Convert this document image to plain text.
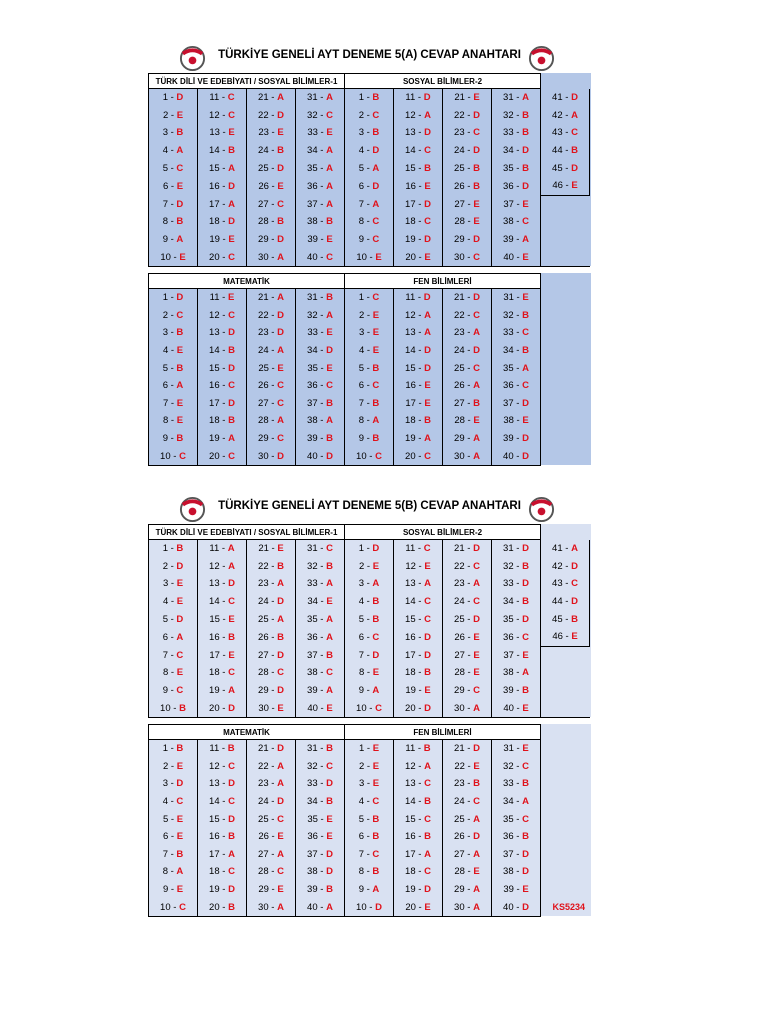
TÜRKİYE GENELİ AYT DENEME 5(A) CEVAP ANAHTARI
TÜRK DİLİ VE EDEBİYATI / SOSYAL BİLİMLER-1				SOSYAL BİLİMLER-2				
1 - D	11 - C	21 - A	31 - A	1 - B	11 - D	21 - E	31 - A	41 - D
2 - E	12 - C	22 - D	32 - C	2 - C	12 - A	22 - D	32 - B	42 - A
3 - B	13 - E	23 - E	33 - E	3 - B	13 - D	23 - C	33 - B	43 - C
4 - A	14 - B	24 - B	34 - A	4 - D	14 - C	24 - D	34 - D	44 - B
5 - C	15 - A	25 - D	35 - A	5 - A	15 - B	25 - B	35 - B	45 - D
6 - E	16 - D	26 - E	36 - A	6 - D	16 - E	26 - B	36 - D	46 - E
7 - D	17 - A	27 - C	37 - A	7 - A	17 - D	27 - E	37 - E	
8 - B	18 - D	28 - B	38 - B	8 - C	18 - C	28 - E	38 - C	
9 - A	19 - E	29 - D	39 - E	9 - C	19 - D	29 - D	39 - A	
10 - E	20 - C	30 - A	40 - C	10 - E	20 - E	30 - C	40 - E	
MATEMATİK				FEN BİLİMLERİ			
1 - D	11 - E	21 - A	31 - B	1 - C	11 - D	21 - D	31 - E
2 - C	12 - C	22 - D	32 - A	2 - E	12 - A	22 - C	32 - B
3 - B	13 - D	23 - D	33 - E	3 - E	13 - A	23 - A	33 - C
4 - E	14 - B	24 - A	34 - D	4 - E	14 - D	24 - D	34 - B
5 - B	15 - D	25 - E	35 - E	5 - B	15 - D	25 - C	35 - A
6 - A	16 - C	26 - C	36 - C	6 - C	16 - E	26 - A	36 - C
7 - E	17 - D	27 - C	37 - B	7 - B	17 - E	27 - B	37 - D
8 - E	18 - B	28 - A	38 - A	8 - A	18 - B	28 - E	38 - E
9 - B	19 - A	29 - C	39 - B	9 - B	19 - A	29 - A	39 - D
10 - C	20 - C	30 - D	40 - D	10 - C	20 - C	30 - A	40 - D
TÜRKİYE GENELİ AYT DENEME 5(B) CEVAP ANAHTARI
TÜRK DİLİ VE EDEBİYATI / SOSYAL BİLİMLER-1				SOSYAL BİLİMLER-2				
1 - B	11 - A	21 - E	31 - C	1 - D	11 - C	21 - D	31 - D	41 - A
2 - D	12 - A	22 - B	32 - B	2 - E	12 - E	22 - C	32 - B	42 - D
3 - E	13 - D	23 - A	33 - A	3 - A	13 - A	23 - A	33 - D	43 - C
4 - E	14 - C	24 - D	34 - E	4 - B	14 - C	24 - C	34 - B	44 - D
5 - D	15 - E	25 - A	35 - A	5 - B	15 - C	25 - D	35 - D	45 - B
6 - A	16 - B	26 - B	36 - A	6 - C	16 - D	26 - E	36 - C	46 - E
7 - C	17 - E	27 - D	37 - B	7 - D	17 - D	27 - E	37 - E	
8 - E	18 - C	28 - C	38 - C	8 - E	18 - B	28 - E	38 - A	
9 - C	19 - A	29 - D	39 - A	9 - A	19 - E	29 - C	39 - B	
10 - B	20 - D	30 - E	40 - E	10 - C	20 - D	30 - A	40 - E	
KS5234
MATEMATİK				FEN BİLİMLERİ			
1 - B	11 - B	21 - D	31 - B	1 - E	11 - B	21 - D	31 - E
2 - E	12 - C	22 - A	32 - C	2 - E	12 - A	22 - E	32 - C
3 - D	13 - D	23 - A	33 - D	3 - E	13 - C	23 - B	33 - B
4 - C	14 - C	24 - D	34 - B	4 - C	14 - B	24 - C	34 - A
5 - E	15 - D	25 - C	35 - E	5 - B	15 - C	25 - A	35 - C
6 - E	16 - B	26 - E	36 - E	6 - B	16 - B	26 - D	36 - B
7 - B	17 - A	27 - A	37 - D	7 - C	17 - A	27 - A	37 - D
8 - A	18 - C	28 - C	38 - D	8 - B	18 - C	28 - E	38 - D
9 - E	19 - D	29 - E	39 - B	9 - A	19 - D	29 - A	39 - E
10 - C	20 - B	30 - A	40 - A	10 - D	20 - E	30 - A	40 - D
